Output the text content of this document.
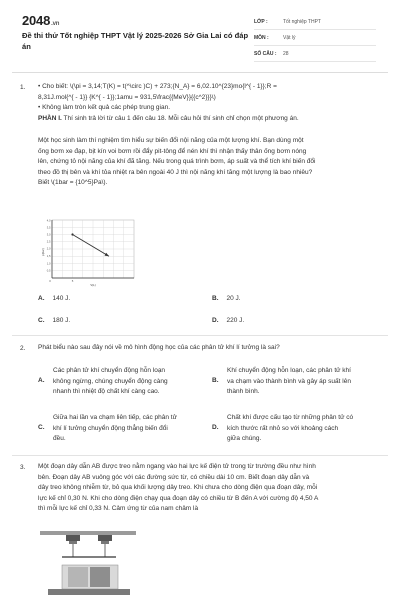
2048.vn
Đề thi thử Tốt nghiệp THPT Vật lý 2025-2026 Sở Gia Lai có đáp án
LỚP :	Tốt nghiệp THPT
MÔN :	Vật lý
SỐ CÂU :	28
1. • Cho biết: \(\pi = 3,14;T(K) = t(^\circ )C) + 273;{N_A} = 6,02.10^{23}mo{l^{ - 1}};R =
8,31J.mol{^{ - 1}} {K^{ - 1}};1amu = 931,5\frac{{MeV}}{{c^2}}}\)
• Không làm tròn kết quả các phép trung gian.
PHẦN I. Thí sinh trả lời từ câu 1 đến câu 18. Mỗi câu hỏi thí sinh chỉ chọn một phương án.
Một học sinh làm thí nghiệm tìm hiểu sự biến đổi nội năng của một lượng khí. Bạn dùng một
ống bơm xe đạp, bịt kín voi bơm rồi đẩy pit-tông để nén khí thì nhận thấy thân ống bơm nóng
lên, chứng tỏ nội năng của khí đã tăng. Nếu trong quá trình bơm, áp suất và thể tích khí biến đổi
theo đồ thị bên và khí tỏa nhiệt ra bên ngoài 40 J thì nội năng khí tăng một lượng là bao nhiêu?
Biết \(1bar = {10^5}Pa\).
4,0
3,5
3,0
2,5
2,0
1,5
1,0
0,5
p(bar)
0	5
V(L)
A. 140 J.	B. 20 J.
C. 180 J.	D. 220 J.
2. Phát biểu nào sau đây nói về mô hình động học của các phân tử khí lí tưởng là sai?
A.
Các phân tử khí chuyển động hỗn loạn
không ngừng, chúng chuyển động càng
nhanh thì nhiệt độ chất khí càng cao.
B.
Khí chuyển động hỗn loạn, các phân tử khí
va chạm vào thành bình và gây áp suất lên
thành bình.
C.
Giữa hai lần va chạm liên tiếp, các phân tử
khí lí tưởng chuyển động thẳng biến đổi
đều.
D.
Chất khí được cấu tạo từ những phân tử có
kích thước rất nhỏ so với khoảng cách
giữa chúng.
3. Một đoạn dây dẫn AB được treo nằm ngang vào hai lực kế điện tử trong từ trường đều như hình
bên. Đoạn dây AB vuông góc với các đường sức từ, có chiều dài 10 cm. Biết đoạn dây dẫn và
dây treo không nhiễm từ, bỏ qua khối lượng dây treo. Khi chưa cho dòng điện qua đoạn dây, mỗi
lực kế chỉ 0,30 N. Khi cho dòng điện chạy qua đoạn dây có chiều từ B đến A với cường độ 4,50 A
thì mỗi lực kế chỉ 0,33 N. Cảm ứng từ của nam châm là
